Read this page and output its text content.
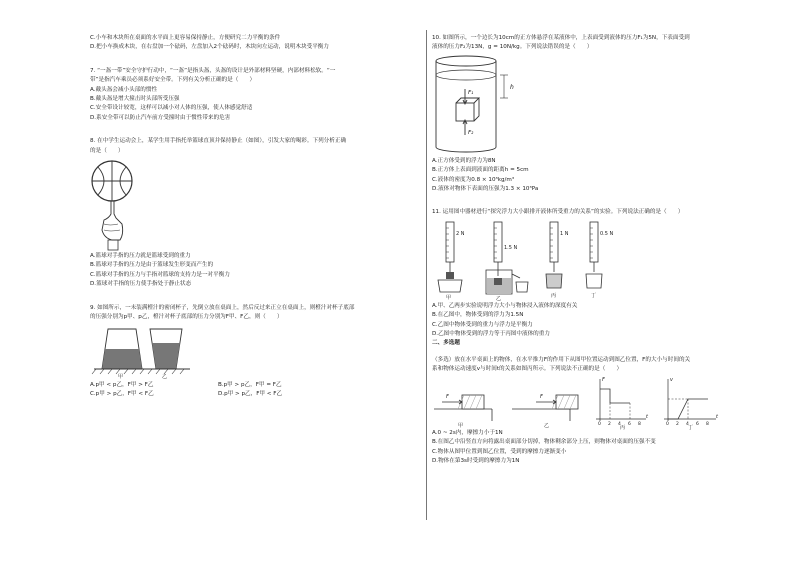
C.小车和木块所在桌面的水平面上更容易保持静止，方便研究二力平衡的条件
D.把小车换成木块，在右盘加一个砝码，左盘加入2个砝码时，木块向左运动，说明木块受平衡力
7. “一盔一带”安全守护行动中，“一盔”是指头盔，头盔的设计是外部材料坚硬，内部材料松软。“一
带”是指汽车乘员必须系好安全带。下列有关分析正确的是（　　）
A.戴头盔会减小头部的惯性
B.戴头盔是增大撞击时头部所受压强
C.安全带设计较宽，这样可以减小对人体的压强，使人体感觉舒适
D.系安全带可以防止汽车前方受撞时由于惯性带来的危害
8. 在中学生运动会上，某学生用手指托举篮球直顶并保持静止（如图），引发大家的喝彩。下列分析正确
的是（　　）
A.篮球对手指的压力就是篮球受到的重力
B.篮球对手指的压力是由于篮球发生形变而产生的
C.篮球对手指的压力与手指对篮球的支持力是一对平衡力
D.篮球对手指的压力使手指处于静止状态
9. 如图所示，一未装满橙汁的密闭杯子，先倒立放在桌面上，然后反过来正立在桌面上，则橙汁对杯子底部
的压强分别为p甲、p乙，橙汁对杯子底部的压力分别为F甲、F乙，则（　　）
甲	乙
A.p甲 < p乙，F甲 > F乙	B.p甲 > p乙，F甲 = F乙
C.p甲 > p乙，F甲 < F乙	D.p甲 > p乙，F甲 < F乙
10. 如图所示，一个边长为10cm的正方体悬浮在某液体中，上表面受到液体的压力F₁为5N，下表面受到
液体的压力F₂为13N，g = 10N/kg。下列说法错误的是（　　）
h
F₁
F₂
A.正方体受到的浮力为8N
B.正方体上表面到液面的距离h = 5cm
C.液体的密度为0.8 × 10³kg/m³
D.液体对物体下表面的压强为1.3 × 10³Pa
11. 运用图中器材进行“探究浮力大小跟排开液体所受重力的关系”的实验。下列说法正确的是（　　）
2 N
1.5 N
1 N	0.5 N
甲	乙	丙	丁
A.甲、乙两步实验说明浮力大小与物体浸入液体的深度有关
B.在乙图中，物体受到的浮力为1.5N
C.乙图中物体受到的重力与浮力是平衡力
D.乙图中物体受到的浮力等于丙图中液体的重力
二、多选题
（多选）放在水平桌面上的物体，在水平推力F的作用下从图甲位置运动到图乙位置，F的大小与时间的关
系和物体运动速度v与时间t的关系如图丙所示。下列说法不正确的是（　　）
F	F
F
t
v
t
0 2 4 6 8	0 2 4 6 8
甲	乙	丙	丁
A.0 ~ 2s内，摩擦力小于1N
B.在图乙中沿竖直方向将露出桌面部分切掉，物体剩余部分上压，则物体对桌面的压强不变
C.物体从图甲位置到图乙位置，受到的摩擦力逐渐变小
D.物体在第3s时受到的摩擦力为1N
